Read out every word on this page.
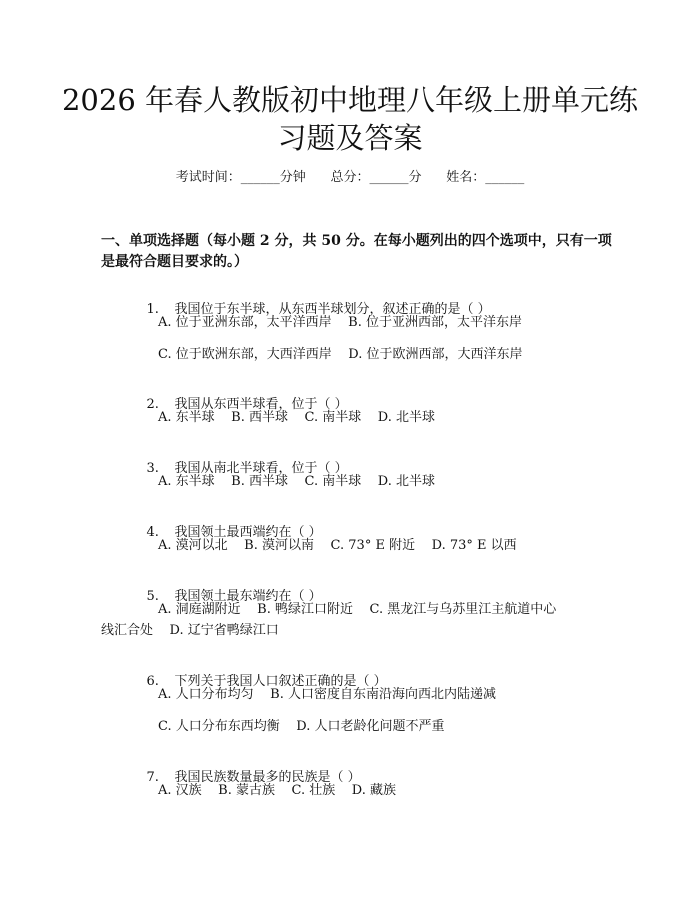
2026 年春人教版初中地理八年级上册单元练
习题及答案
考试时间：______分钟      总分：______分      姓名：______
一、单项选择题（每小题 2 分，共 50 分。在每小题列出的四个选项中，只有一项
是最符合题目要求的。）

1. 我国位于东半球，从东西半球划分，叙述正确的是（ ）

A. 位于亚洲东部，太平洋西岸    B. 位于亚洲西部，太平洋东岸
C. 位于欧洲东部，大西洋西岸    D. 位于欧洲西部，大西洋东岸

2. 我国从东西半球看，位于（ ）

A. 东半球    B. 西半球    C. 南半球    D. 北半球

3. 我国从南北半球看，位于（ ）

A. 东半球    B. 西半球    C. 南半球    D. 北半球

4. 我国领土最西端约在（ ）

A. 漠河以北    B. 漠河以南    C. 73° E 附近    D. 73° E 以西

5. 我国领土最东端约在（ ）

A. 洞庭湖附近    B. 鸭绿江口附近    C. 黑龙江与乌苏里江主航道中心
线汇合处    D. 辽宁省鸭绿江口

6. 下列关于我国人口叙述正确的是（ ）

A. 人口分布均匀    B. 人口密度自东南沿海向西北内陆递减
C. 人口分布东西均衡    D. 人口老龄化问题不严重

7. 我国民族数量最多的民族是（ ）

A. 汉族    B. 蒙古族    C. 壮族    D. 藏族
